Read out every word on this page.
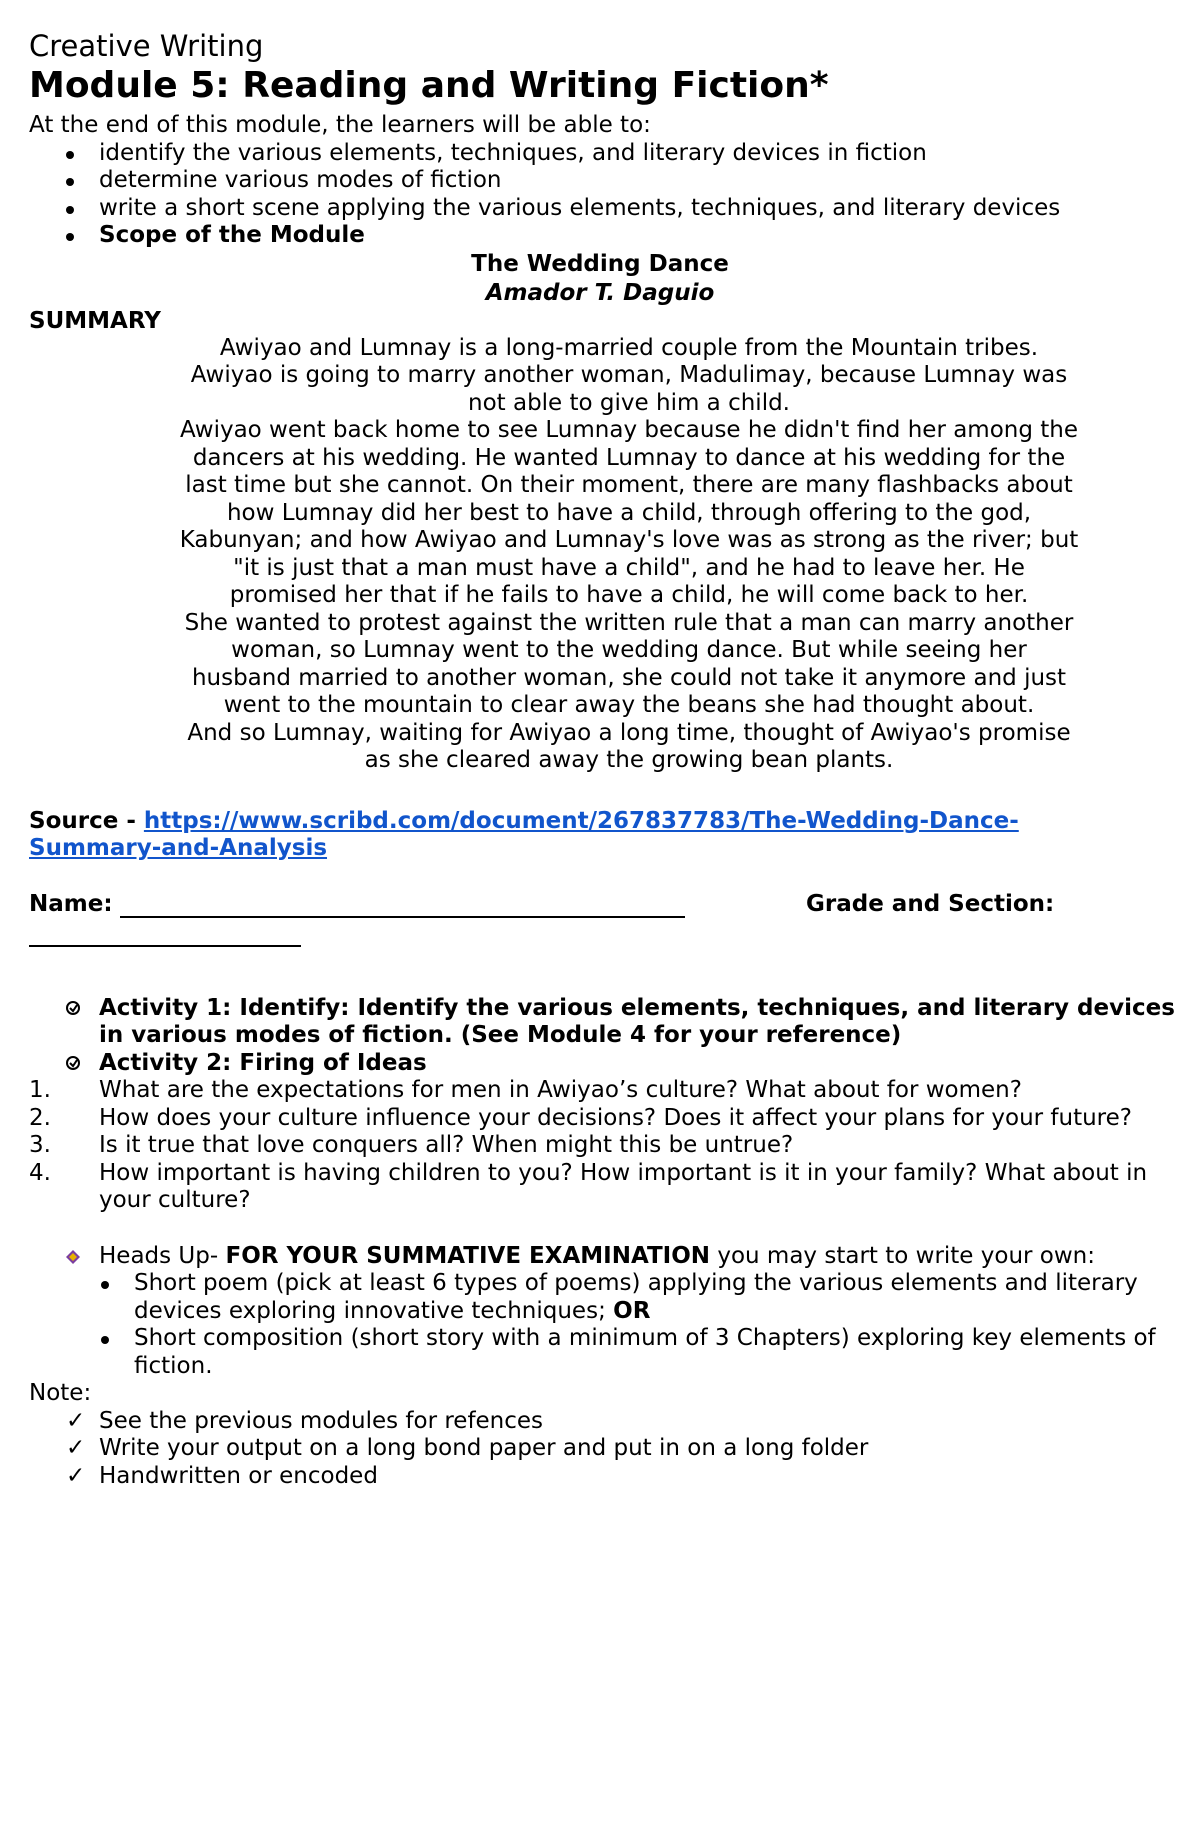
Creative Writing
Module 5: Reading and Writing Fiction*

At the end of this module, the learners will be able to:

identify the various elements, techniques, and literary devices in fiction
determine various modes of fiction
write a short scene applying the various elements, techniques, and literary devices
Scope of the Module
The Wedding Dance
Amador T. Daguio
SUMMARY

Awiyao and Lumnay is a long-married couple from the Mountain tribes. Awiyao is going to marry another woman, Madulimay, because Lumnay was not able to give him a child.

Awiyao went back home to see Lumnay because he didn't find her among the dancers at his wedding. He wanted Lumnay to dance at his wedding for the last time but she cannot. On their moment, there are many flashbacks about how Lumnay did her best to have a child, through offering to the god, Kabunyan; and how Awiyao and Lumnay's love was as strong as the river; but "it is just that a man must have a child", and he had to leave her. He promised her that if he fails to have a child, he will come back to her.

She wanted to protest against the written rule that a man can marry another woman, so Lumnay went to the wedding dance. But while seeing her husband married to another woman, she could not take it anymore and just went to the mountain to clear away the beans she had thought about.

And so Lumnay, waiting for Awiyao a long time, thought of Awiyao's promise as she cleared away the growing bean plants.

Source - https://www.scribd.com/document/267837783/The-Wedding-Dance-
Summary-and-Analysis
Name:	Grade and Section:
Activity 1: Identify: Identify the various elements, techniques, and literary devices in various modes of fiction. (See Module 4 for your reference)
Activity 2: Firing of Ideas
1. What are the expectations for men in Awiyao’s culture? What about for women?
2. How does your culture influence your decisions? Does it affect your plans for your future?
3. Is it true that love conquers all? When might this be untrue?
4. How important is having children to you? How important is it in your family? What about in your culture?
Heads Up- FOR YOUR SUMMATIVE EXAMINATION you may start to write your own:
Short poem (pick at least 6 types of poems) applying the various elements and literary devices exploring innovative techniques; OR
Short composition (short story with a minimum of 3 Chapters) exploring key elements of fiction.
Note:
✓ See the previous modules for refences
✓ Write your output on a long bond paper and put in on a long folder
✓ Handwritten or encoded
